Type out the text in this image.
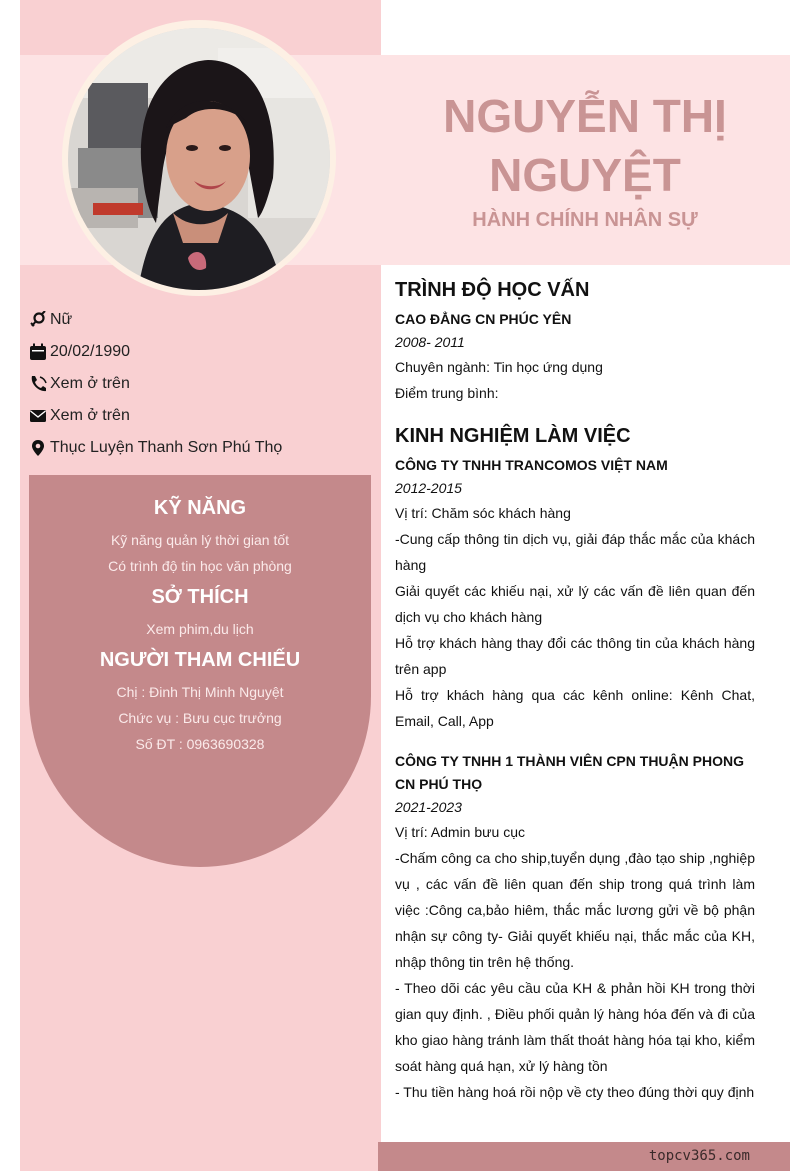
NGUYỄN THỊ
NGUYỆT
HÀNH CHÍNH NHÂN SỰ
Nữ
20/02/1990
Xem ở trên
Xem ở trên
Thục Luyện Thanh Sơn Phú Thọ
KỸ NĂNG
Kỹ năng quản lý thời gian tốt
Có trình độ tin học văn phòng
SỞ THÍCH
Xem phim,du lịch
NGƯỜI THAM CHIẾU
Chị : Đinh Thị Minh Nguyệt
Chức vụ : Bưu cục trưởng
Số ĐT : 0963690328
TRÌNH ĐỘ HỌC VẤN
CAO ĐẲNG CN PHÚC YÊN
2008- 2011
Chuyên ngành: Tin học ứng dụng
Điểm trung bình:
KINH NGHIỆM LÀM VIỆC
CÔNG TY TNHH TRANCOMOS VIỆT NAM
2012-2015
Vị trí: Chăm sóc khách hàng
-Cung cấp thông tin dịch vụ, giải đáp thắc mắc của khách hàng
Giải quyết các khiếu nại, xử lý các vấn đề liên quan đến dịch vụ cho khách hàng
Hỗ trợ khách hàng thay đổi các thông tin của khách hàng trên app
Hỗ trợ khách hàng qua các kênh online: Kênh Chat, Email, Call, App
CÔNG TY TNHH 1 THÀNH VIÊN CPN THUẬN PHONG CN PHÚ THỌ
2021-2023
Vị trí: Admin bưu cục
-Chấm công ca cho ship,tuyển dụng ,đào tạo ship ,nghiệp vụ , các vấn đề liên quan đến ship trong quá trình làm việc :Công ca,bảo hiêm, thắc mắc lương gửi về bộ phận nhận sự công ty- Giải quyết khiếu nại, thắc mắc của KH, nhập thông tin trên hệ thống.
- Theo dõi các yêu cầu của KH & phản hồi KH trong thời gian quy định. , Điều phối quản lý hàng hóa đến và đi của kho giao hàng tránh làm thất thoát hàng hóa tại kho, kiểm soát hàng quá hạn, xử lý hàng tồn
- Thu tiền hàng hoá rồi nộp về cty theo đúng thời quy định
topcv365.com
